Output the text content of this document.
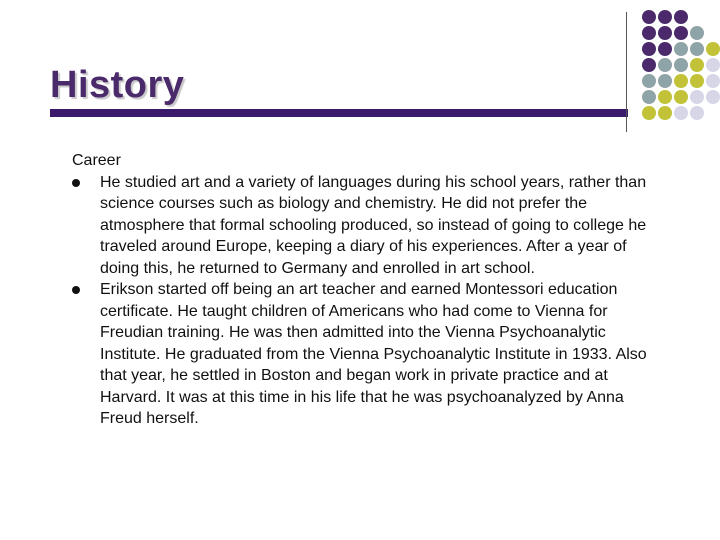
History
Career
He studied art and a variety of languages during his school years, rather than science courses such as biology and chemistry. He did not prefer the atmosphere that formal schooling produced, so instead of going to college he traveled around Europe, keeping a diary of his experiences. After a year of doing this, he returned to Germany and enrolled in art school.
Erikson started off being an art teacher and earned Montessori education certificate. He taught children of Americans who had come to Vienna for Freudian training. He was then admitted into the Vienna Psychoanalytic Institute. He graduated from the Vienna Psychoanalytic Institute in 1933. Also that year, he settled in Boston and began work in private practice and at Harvard. It was at this time in his life that he was psychoanalyzed by Anna Freud herself.
